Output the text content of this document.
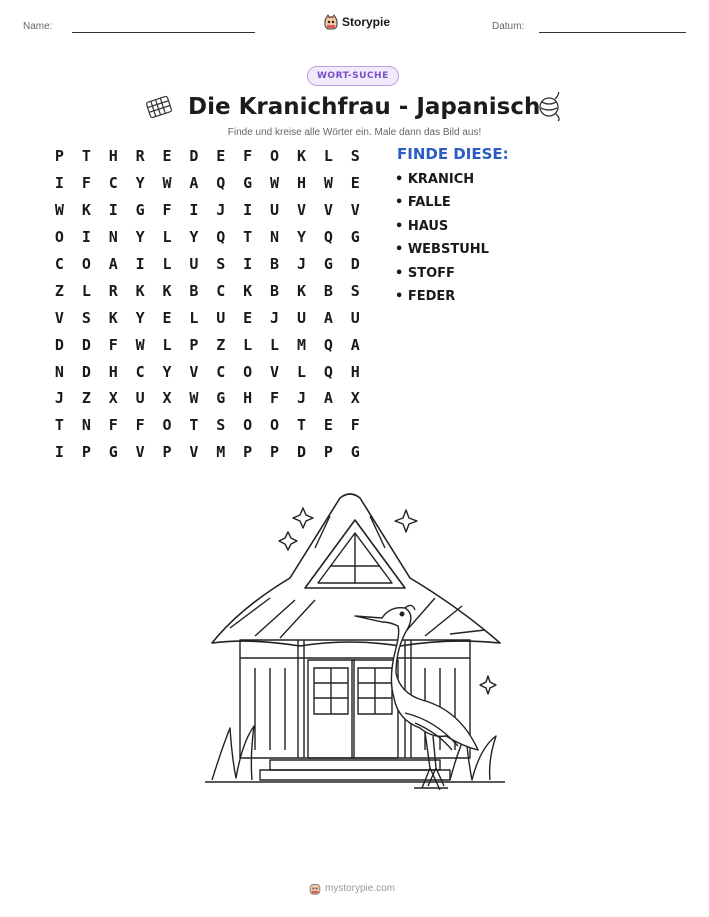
Name:	Storypie	Datum:
WORT-SUCHE
Die Kranichfrau - Japanisch
Finde und kreise alle Wörter ein. Male dann das Bild aus!
P	T	H	R	E	D	E	F	O	K	L	S
I	F	C	Y	W	A	Q	G	W	H	W	E
W	K	I	G	F	I	J	I	U	V	V	V
O	I	N	Y	L	Y	Q	T	N	Y	Q	G
C	O	A	I	L	U	S	I	B	J	G	D
Z	L	R	K	K	B	C	K	B	K	B	S
V	S	K	Y	E	L	U	E	J	U	A	U
D	D	F	W	L	P	Z	L	L	M	Q	A
N	D	H	C	Y	V	C	O	V	L	Q	H
J	Z	X	U	X	W	G	H	F	J	A	X
T	N	F	F	O	T	S	O	O	T	E	F
I	P	G	V	P	V	M	P	P	D	P	G
FINDE DIESE:
• KRANICH
• FALLE
• HAUS
• WEBSTUHL
• STOFF
• FEDER
mystorypie.com
